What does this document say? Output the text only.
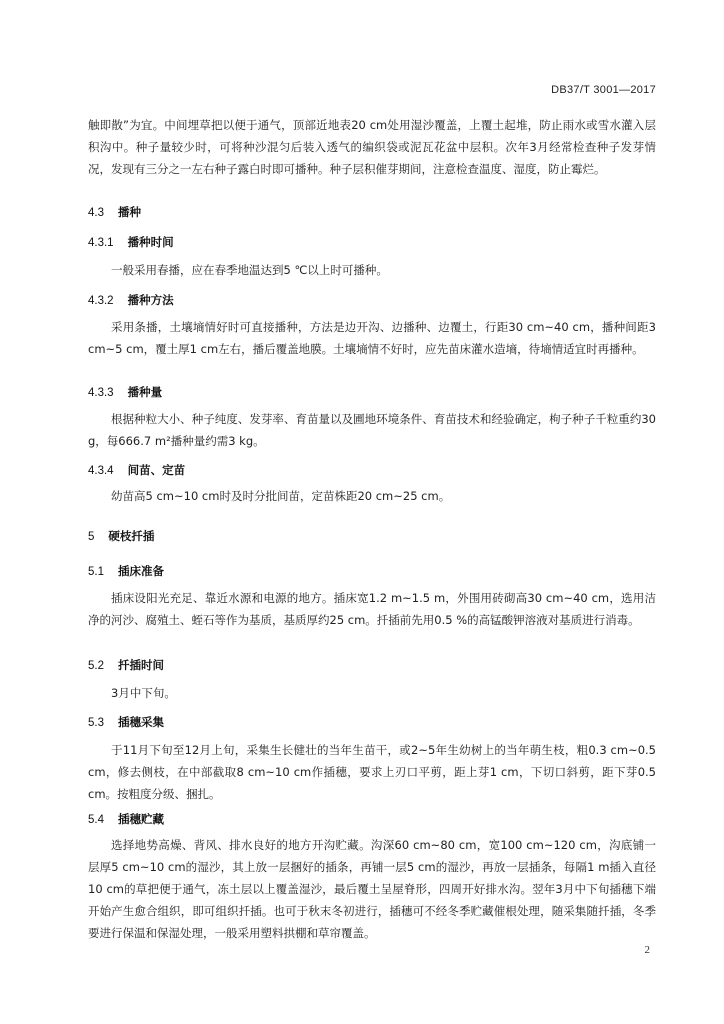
DB37/T 3001—2017
触即散”为宜。中间埋草把以便于通气，顶部近地表20 cm处用湿沙覆盖，上覆土起堆，防止雨水或雪水灌入层积沟中。种子量较少时，可将种沙混匀后装入透气的编织袋或泥瓦花盆中层积。次年3月经常检查种子发芽情况，发现有三分之一左右种子露白时即可播种。种子层积催芽期间，注意检查温度、湿度，防止霉烂。
4.3 播种
4.3.1 播种时间
一般采用春播，应在春季地温达到5 ℃以上时可播种。
4.3.2 播种方法
采用条播，土壤墒情好时可直接播种，方法是边开沟、边播种、边覆土，行距30 cm~40 cm，播种间距3 cm~5 cm，覆土厚1 cm左右，播后覆盖地膜。土壤墒情不好时，应先苗床灌水造墒，待墒情适宜时再播种。
4.3.3 播种量
根据种粒大小、种子纯度、发芽率、育苗量以及圃地环境条件、育苗技术和经验确定，枸子种子千粒重约30 g，每666.7 m²播种量约需3 kg。
4.3.4 间苗、定苗
幼苗高5 cm~10 cm时及时分批间苗，定苗株距20 cm~25 cm。
5 硬枝扦插
5.1 插床准备
插床设阳光充足、靠近水源和电源的地方。插床宽1.2 m~1.5 m，外围用砖砌高30 cm~40 cm，选用洁净的河沙、腐殖土、蛭石等作为基质，基质厚约25 cm。扦插前先用0.5 %的高锰酸钾溶液对基质进行消毒。
5.2 扦插时间
3月中下旬。
5.3 插穗采集
于11月下旬至12月上旬，采集生长健壮的当年生苗干，或2~5年生幼树上的当年萌生枝，粗0.3 cm~0.5 cm，修去侧枝，在中部截取8 cm~10 cm作插穗，要求上刃口平剪，距上芽1 cm，下切口斜剪，距下芽0.5 cm。按粗度分级、捆扎。
5.4 插穗贮藏
选择地势高燥、背风、排水良好的地方开沟贮藏。沟深60 cm~80 cm，宽100 cm~120 cm，沟底铺一层厚5 cm~10 cm的湿沙，其上放一层捆好的插条，再铺一层5 cm的湿沙，再放一层插条，每隔1 m插入直径10 cm的草把便于通气，冻土层以上覆盖湿沙，最后覆土呈屋脊形，四周开好排水沟。翌年3月中下旬插穗下端开始产生愈合组织，即可组织扦插。也可于秋末冬初进行，插穗可不经冬季贮藏催根处理，随采集随扦插，冬季要进行保温和保湿处理，一般采用塑料拱棚和草帘覆盖。
2
